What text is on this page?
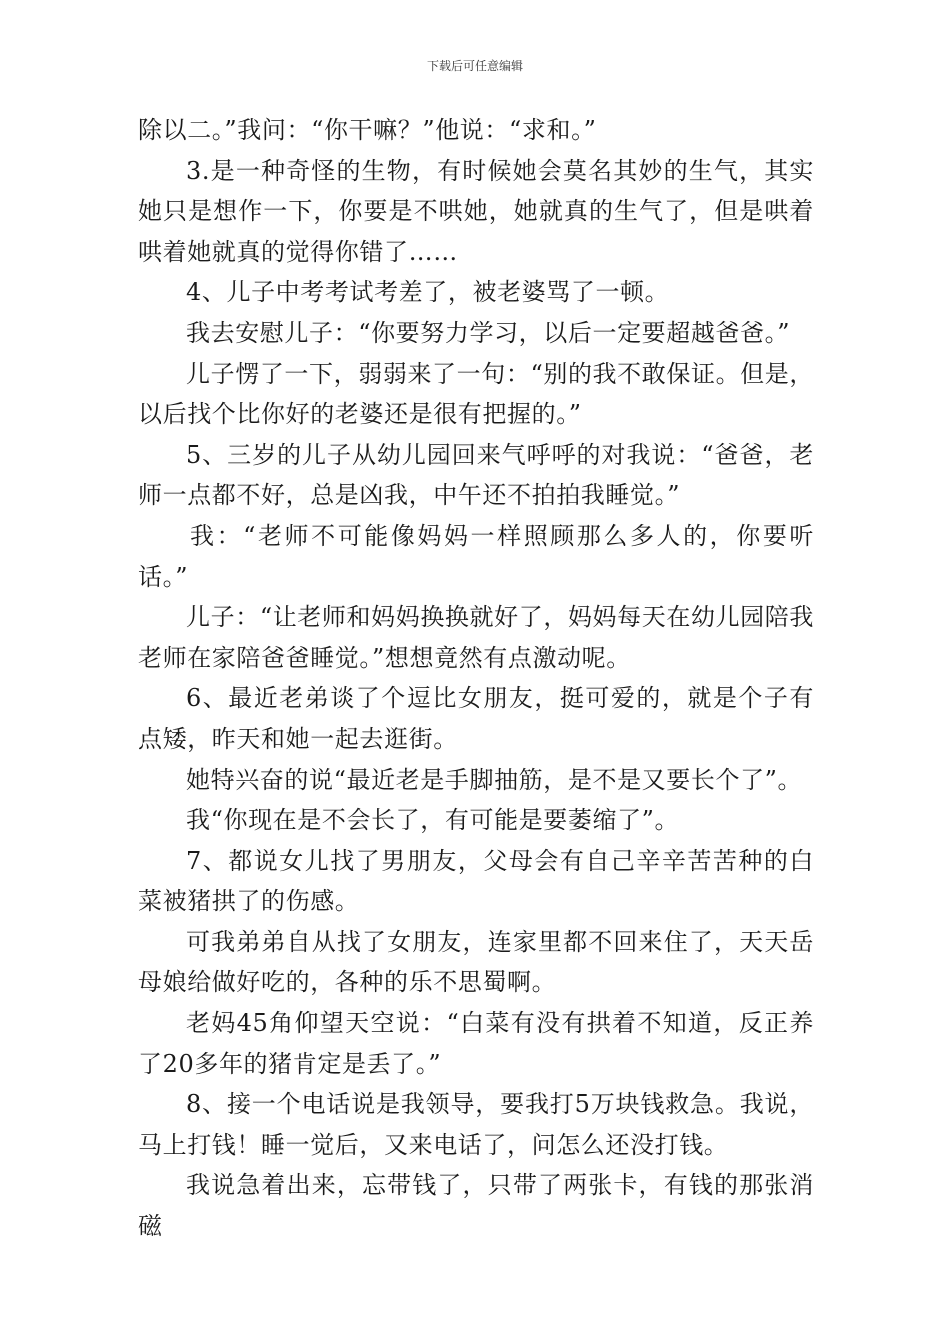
下载后可任意编辑

除以二。”我问：“你干嘛？”他说：“求和。”

3.是一种奇怪的生物，有时候她会莫名其妙的生气，其实她只是想作一下，你要是不哄她，她就真的生气了，但是哄着哄着她就真的觉得你错了……

4、儿子中考考试考差了，被老婆骂了一顿。

我去安慰儿子：“你要努力学习，以后一定要超越爸爸。”

儿子愣了一下，弱弱来了一句：“别的我不敢保证。但是，以后找个比你好的老婆还是很有把握的。”

5、三岁的儿子从幼儿园回来气呼呼的对我说：“爸爸，老师一点都不好，总是凶我，中午还不拍拍我睡觉。”

我：“老师不可能像妈妈一样照顾那么多人的，你要听话。”

儿子：“让老师和妈妈换换就好了，妈妈每天在幼儿园陪我老师在家陪爸爸睡觉。”想想竟然有点激动呢。

6、最近老弟谈了个逗比女朋友，挺可爱的，就是个子有点矮，昨天和她一起去逛街。

她特兴奋的说“最近老是手脚抽筋，是不是又要长个了”。

我“你现在是不会长了，有可能是要萎缩了”。

7、都说女儿找了男朋友，父母会有自己辛辛苦苦种的白菜被猪拱了的伤感。

可我弟弟自从找了女朋友，连家里都不回来住了，天天岳母娘给做好吃的，各种的乐不思蜀啊。

老妈45角仰望天空说：“白菜有没有拱着不知道，反正养了20多年的猪肯定是丢了。”

8、接一个电话说是我领导，要我打5万块钱救急。我说，马上打钱！睡一觉后，又来电话了，问怎么还没打钱。

我说急着出来，忘带钱了，只带了两张卡，有钱的那张消磁
